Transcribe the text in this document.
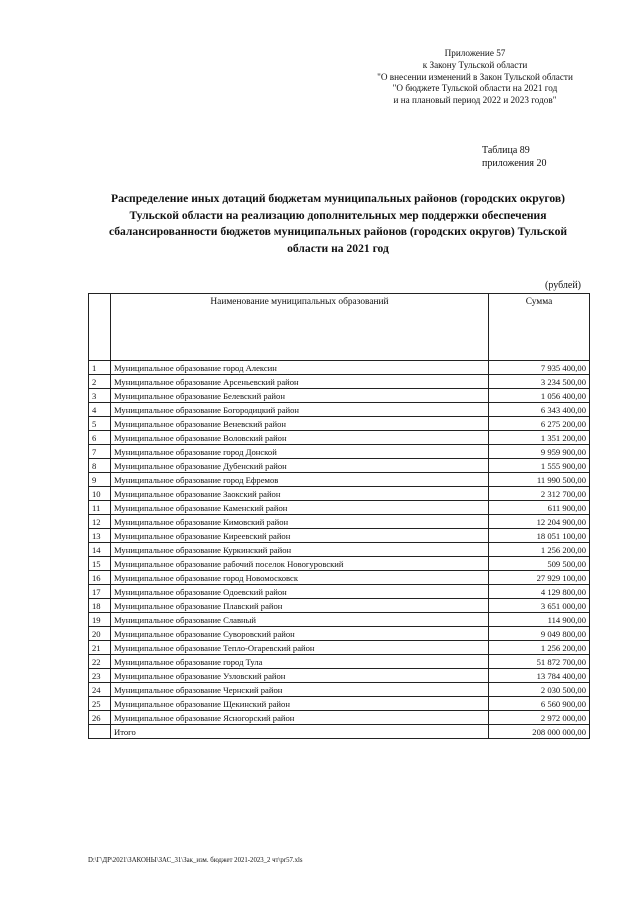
Приложение 57
к Закону Тульской области
"О внесении изменений в Закон Тульской области
"О бюджете Тульской области на 2021 год
и на плановый период 2022 и 2023 годов"
Таблица 89
приложения 20
Распределение иных дотаций бюджетам муниципальных районов (городских округов) Тульской области на реализацию дополнительных мер поддержки обеспечения сбалансированности бюджетов муниципальных районов (городских округов) Тульской области на 2021 год
(рублей)
	Наименование муниципальных образований	Сумма
1	Муниципальное образование город Алексин	7 935 400,00
2	Муниципальное образование Арсеньевский район	3 234 500,00
3	Муниципальное образование Белевский район	1 056 400,00
4	Муниципальное образование Богородицкий район	6 343 400,00
5	Муниципальное образование Веневский район	6 275 200,00
6	Муниципальное образование Воловский район	1 351 200,00
7	Муниципальное образование город Донской	9 959 900,00
8	Муниципальное образование Дубенский район	1 555 900,00
9	Муниципальное образование город Ефремов	11 990 500,00
10	Муниципальное образование Заокский район	2 312 700,00
11	Муниципальное образование Каменский район	611 900,00
12	Муниципальное образование Кимовский район	12 204 900,00
13	Муниципальное образование Киреевский район	18 051 100,00
14	Муниципальное образование Куркинский район	1 256 200,00
15	Муниципальное образование рабочий поселок Новогуровский	509 500,00
16	Муниципальное образование город Новомосковск	27 929 100,00
17	Муниципальное образование Одоевский район	4 129 800,00
18	Муниципальное образование Плавский район	3 651 000,00
19	Муниципальное образование Славный	114 900,00
20	Муниципальное образование Суворовский район	9 049 800,00
21	Муниципальное образование Тепло-Огаревский район	1 256 200,00
22	Муниципальное образование город Тула	51 872 700,00
23	Муниципальное образование Узловский район	13 784 400,00
24	Муниципальное образование Чернский район	2 030 500,00
25	Муниципальное образование Щекинский район	6 560 900,00
26	Муниципальное образование Ясногорский район	2 972 000,00
	Итого	208 000 000,00
D:\Г\ДР\2021\ЗАКОНЫ\ЗАС_31\Зак_изм. бюджет 2021-2023_2 чт\pr57.xls
